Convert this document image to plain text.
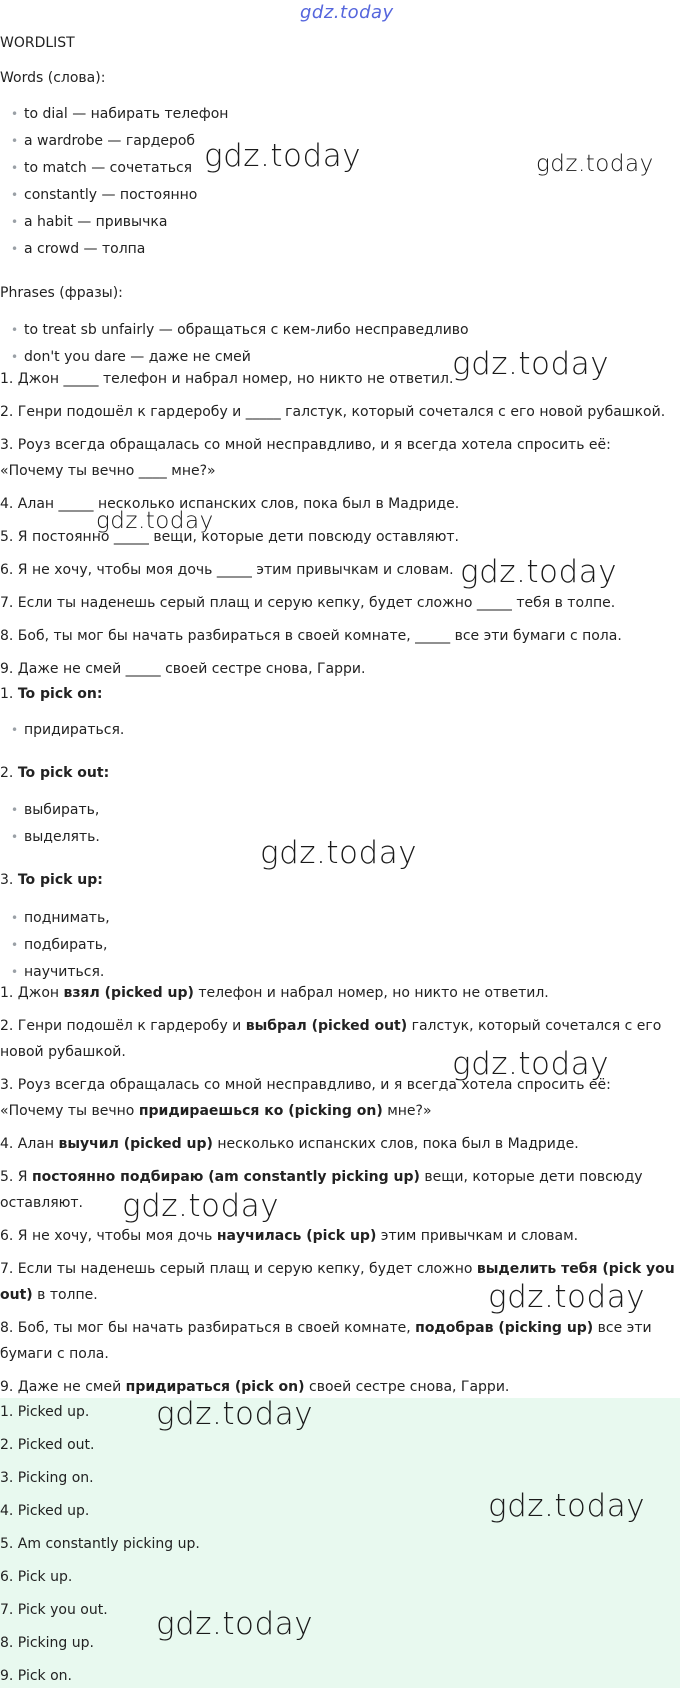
gdz.today
WORDLIST
Words (слова):
• to dial — набирать телефон
• a wardrobe — гардероб
• to match — сочетаться
• constantly — постоянно
• a habit — привычка
• a crowd — толпа
Phrases (фразы):
• to treat sb unfairly — обращаться с кем-либо несправедливо
• don't you dare — даже не смей
1. Джон _____ телефон и набрал номер, но никто не ответил.
2. Генри подошёл к гардеробу и _____ галстук, который сочетался с его новой рубашкой.
3. Роуз всегда обращалась со мной несправдливо, и я всегда хотела спросить её:
«Почему ты вечно ____ мне?»
4. Алан _____ несколько испанских слов, пока был в Мадриде.
5. Я постоянно _____ вещи, которые дети повсюду оставляют.
6. Я не хочу, чтобы моя дочь _____ этим привычкам и словам.
7. Если ты наденешь серый плащ и серую кепку, будет сложно _____ тебя в толпе.
8. Боб, ты мог бы начать разбираться в своей комнате, _____ все эти бумаги с пола.
9. Даже не смей _____ своей сестре снова, Гарри.
1. To pick on:
• придираться.
2. To pick out:
• выбирать,
• выделять.
3. To pick up:
• поднимать,
• подбирать,
• научиться.
1. Джон взял (picked up) телефон и набрал номер, но никто не ответил.
2. Генри подошёл к гардеробу и выбрал (picked out) галстук, который сочетался с его
новой рубашкой.
3. Роуз всегда обращалась со мной несправдливо, и я всегда хотела спросить её:
«Почему ты вечно придираешься ко (picking on) мне?»
4. Алан выучил (picked up) несколько испанских слов, пока был в Мадриде.
5. Я постоянно подбираю (am constantly picking up) вещи, которые дети повсюду
оставляют.
6. Я не хочу, чтобы моя дочь научилась (pick up) этим привычкам и словам.
7. Если ты наденешь серый плащ и серую кепку, будет сложно выделить тебя (pick you
out) в толпе.
8. Боб, ты мог бы начать разбираться в своей комнате, подобрав (picking up) все эти
бумаги с пола.
9. Даже не смей придираться (pick on) своей сестре снова, Гарри.
1. Picked up.
2. Picked out.
3. Picking on.
4. Picked up.
5. Am constantly picking up.
6. Pick up.
7. Pick you out.
8. Picking up.
9. Pick on.
gdz.today	gdz.today
gdz.today
gdz.today
gdz.today
gdz.today
gdz.today
gdz.today
gdz.today
gdz.today
gdz.today
gdz.today
